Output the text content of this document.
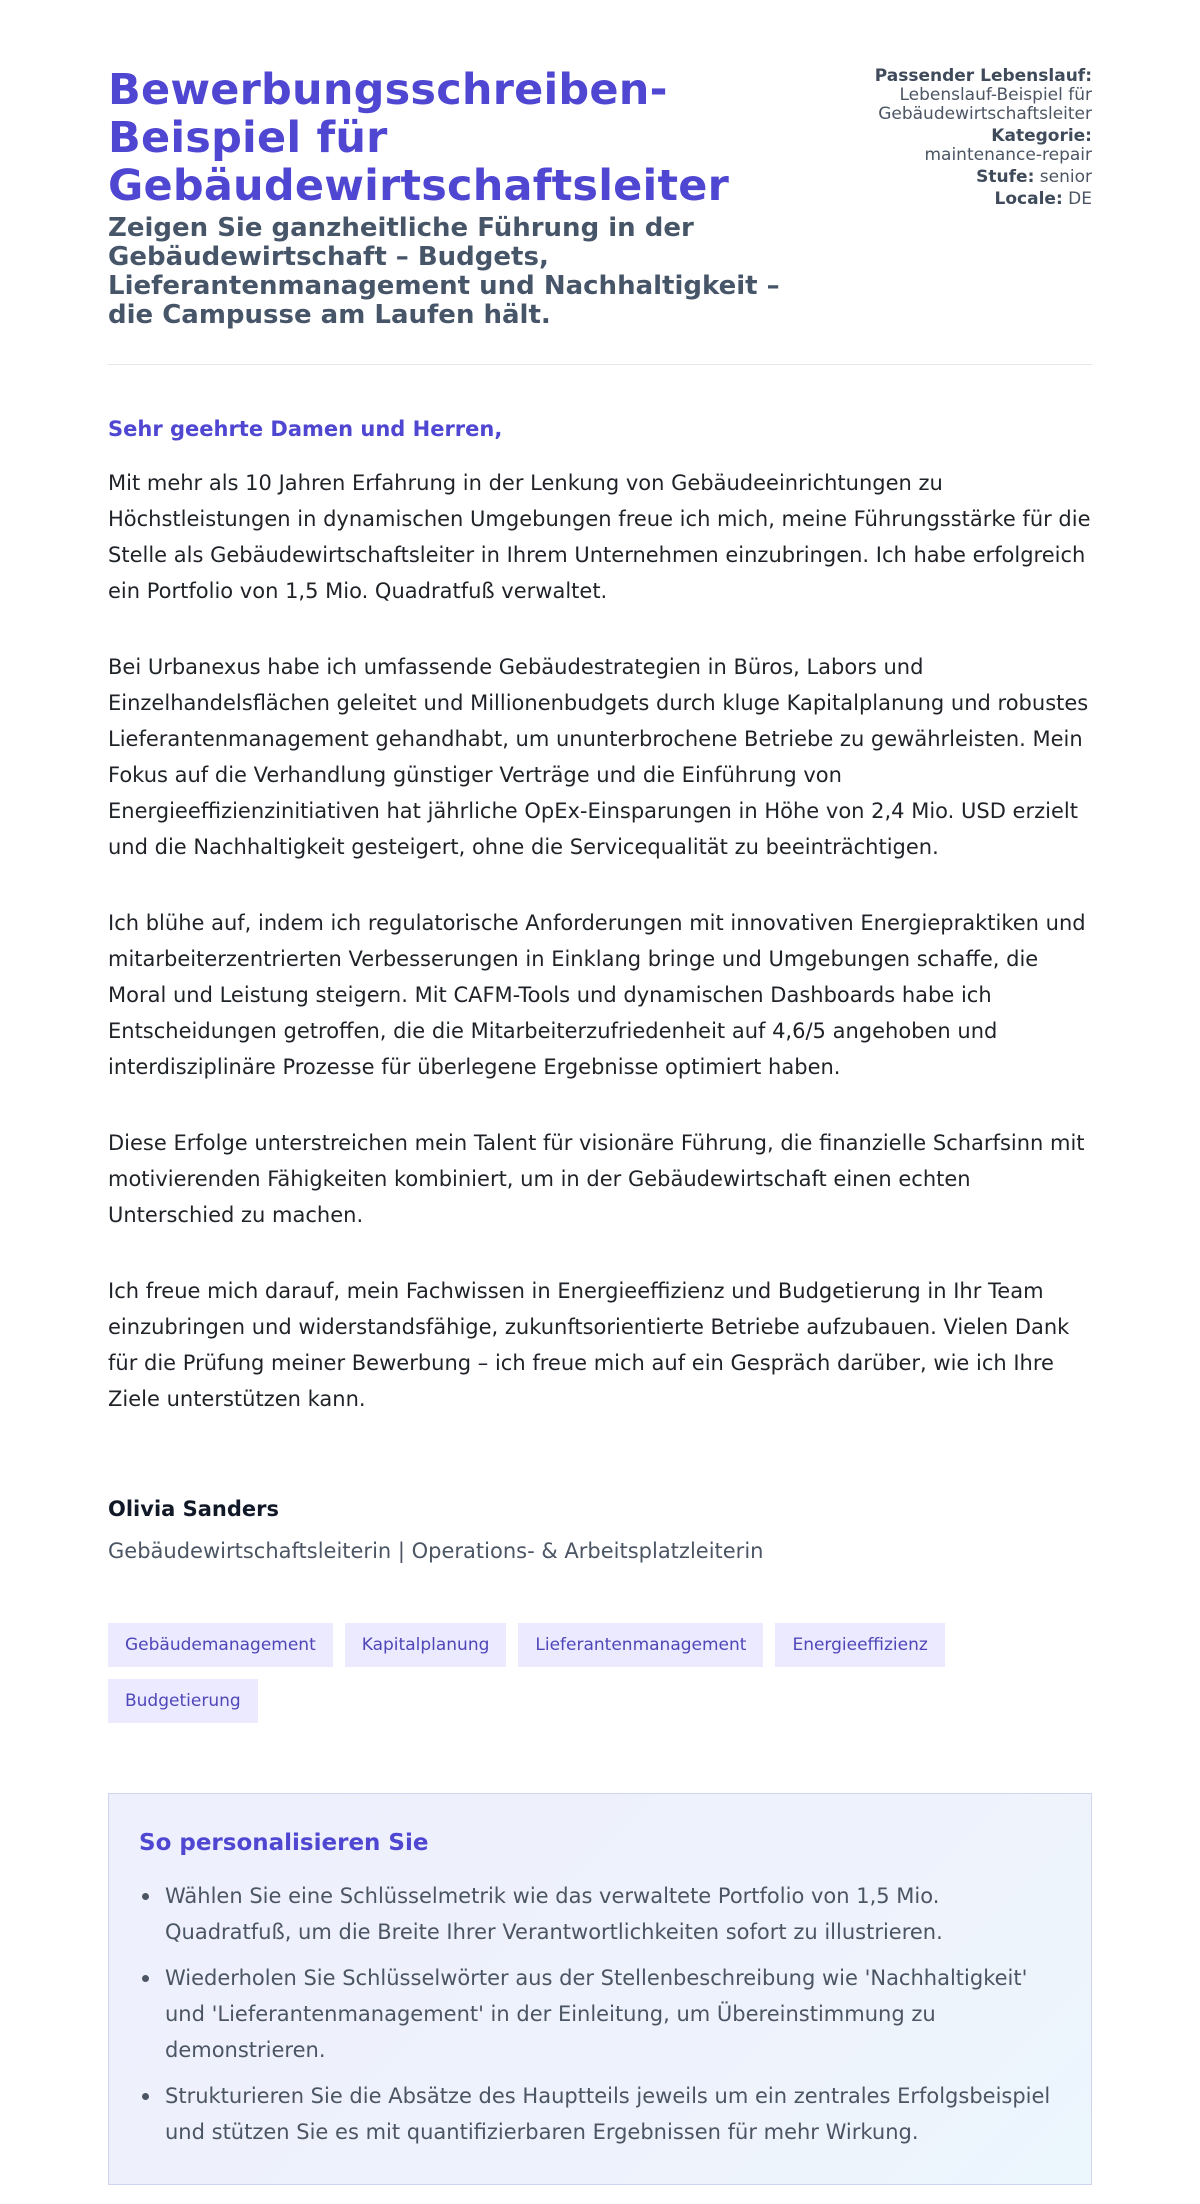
Bewerbungsschreiben-Beispiel für Gebäudewirtschaftsleiter
Zeigen Sie ganzheitliche Führung in der Gebäudewirtschaft – Budgets, Lieferantenmanagement und Nachhaltigkeit – die Campusse am Laufen hält.
Passender Lebenslauf:
Lebenslauf-Beispiel für Gebäudewirtschaftsleiter
Kategorie:
maintenance-repair
Stufe: senior
Locale: DE

Sehr geehrte Damen und Herren,

Mit mehr als 10 Jahren Erfahrung in der Lenkung von Gebäudeeinrichtungen zu Höchstleistungen in dynamischen Umgebungen freue ich mich, meine Führungsstärke für die Stelle als Gebäudewirtschaftsleiter in Ihrem Unternehmen einzubringen. Ich habe erfolgreich ein Portfolio von 1,5 Mio. Quadratfuß verwaltet.

Bei Urbanexus habe ich umfassende Gebäudestrategien in Büros, Labors und Einzelhandelsflächen geleitet und Millionenbudgets durch kluge Kapitalplanung und robustes Lieferantenmanagement gehandhabt, um ununterbrochene Betriebe zu gewährleisten. Mein Fokus auf die Verhandlung günstiger Verträge und die Einführung von Energieeffizienzinitiativen hat jährliche OpEx-Einsparungen in Höhe von 2,4 Mio. USD erzielt und die Nachhaltigkeit gesteigert, ohne die Servicequalität zu beeinträchtigen.

Ich blühe auf, indem ich regulatorische Anforderungen mit innovativen Energiepraktiken und mitarbeiterzentrierten Verbesserungen in Einklang bringe und Umgebungen schaffe, die Moral und Leistung steigern. Mit CAFM-Tools und dynamischen Dashboards habe ich Entscheidungen getroffen, die die Mitarbeiterzufriedenheit auf 4,6/5 angehoben und interdisziplinäre Prozesse für überlegene Ergebnisse optimiert haben.

Diese Erfolge unterstreichen mein Talent für visionäre Führung, die finanzielle Scharfsinn mit motivierenden Fähigkeiten kombiniert, um in der Gebäudewirtschaft einen echten Unterschied zu machen.

Ich freue mich darauf, mein Fachwissen in Energieeffizienz und Budgetierung in Ihr Team einzubringen und widerstandsfähige, zukunftsorientierte Betriebe aufzubauen. Vielen Dank für die Prüfung meiner Bewerbung – ich freue mich auf ein Gespräch darüber, wie ich Ihre Ziele unterstützen kann.

Olivia Sanders

Gebäudewirtschaftsleiterin | Operations- & Arbeitsplatzleiterin

Gebäudemanagement	Kapitalplanung	Lieferantenmanagement	Energieeffizienz
Budgetierung
So personalisieren Sie
Wählen Sie eine Schlüsselmetrik wie das verwaltete Portfolio von 1,5 Mio. Quadratfuß, um die Breite Ihrer Verantwortlichkeiten sofort zu illustrieren.
Wiederholen Sie Schlüsselwörter aus der Stellenbeschreibung wie 'Nachhaltigkeit' und 'Lieferantenmanagement' in der Einleitung, um Übereinstimmung zu demonstrieren.
Strukturieren Sie die Absätze des Hauptteils jeweils um ein zentrales Erfolgsbeispiel und stützen Sie es mit quantifizierbaren Ergebnissen für mehr Wirkung.
